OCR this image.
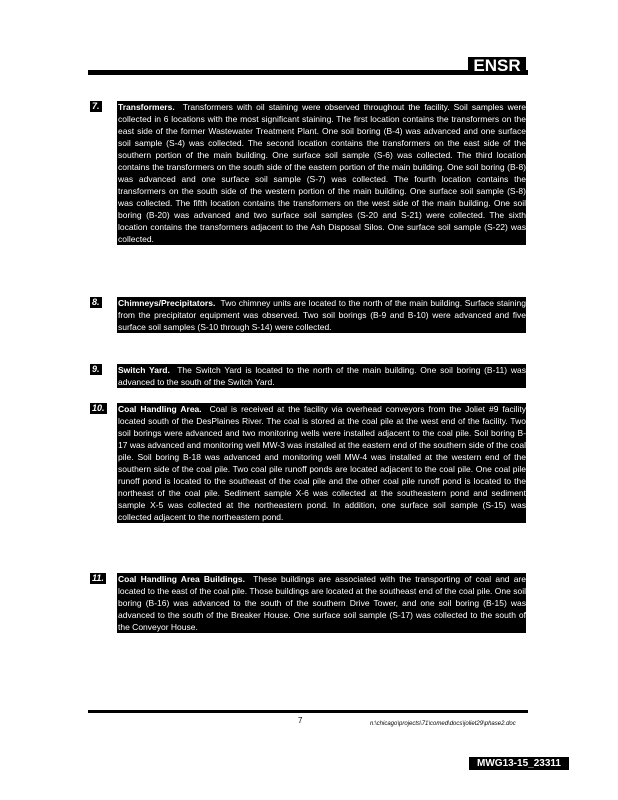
ENSR
7. Transformers. Transformers with oil staining were observed throughout the facility. Soil samples were collected in 6 locations with the most significant staining. The first location contains the transformers on the east side of the former Wastewater Treatment Plant. One soil boring (B-4) was advanced and one surface soil sample (S-4) was collected. The second location contains the transformers on the east side of the southern portion of the main building. One surface soil sample (S-6) was collected. The third location contains the transformers on the south side of the eastern portion of the main building. One soil boring (B-8) was advanced and one surface soil sample (S-7) was collected. The fourth location contains the transformers on the south side of the western portion of the main building. One surface soil sample (S-8) was collected. The fifth location contains the transformers on the west side of the main building. One soil boring (B-20) was advanced and two surface soil samples (S-20 and S-21) were collected. The sixth location contains the transformers adjacent to the Ash Disposal Silos. One surface soil sample (S-22) was collected.
8. Chimneys/Precipitators. Two chimney units are located to the north of the main building. Surface staining from the precipitator equipment was observed. Two soil borings (B-9 and B-10) were advanced and five surface soil samples (S-10 through S-14) were collected.
9. Switch Yard. The Switch Yard is located to the north of the main building. One soil boring (B-11) was advanced to the south of the Switch Yard.
10. Coal Handling Area. Coal is received at the facility via overhead conveyors from the Joliet #9 facility located south of the DesPlaines River. The coal is stored at the coal pile at the west end of the facility. Two soil borings were advanced and two monitoring wells were installed adjacent to the coal pile. Soil boring B-17 was advanced and monitoring well MW-3 was installed at the eastern end of the southern side of the coal pile. Soil boring B-18 was advanced and monitoring well MW-4 was installed at the western end of the southern side of the coal pile. Two coal pile runoff ponds are located adjacent to the coal pile. One coal pile runoff pond is located to the southeast of the coal pile and the other coal pile runoff pond is located to the northeast of the coal pile. Sediment sample X-6 was collected at the southeastern pond and sediment sample X-5 was collected at the northeastern pond. In addition, one surface soil sample (S-15) was collected adjacent to the northeastern pond.
11. Coal Handling Area Buildings. These buildings are associated with the transporting of coal and are located to the east of the coal pile. Those buildings are located at the southeast end of the coal pile. One soil boring (B-16) was advanced to the south of the southern Drive Tower, and one soil boring (B-15) was advanced to the south of the Breaker House. One surface soil sample (S-17) was collected to the south of the Conveyor House.
7	n:\chicago\projects\71\comed\docs\joliet29\phase2.doc
MWG13-15_23311
